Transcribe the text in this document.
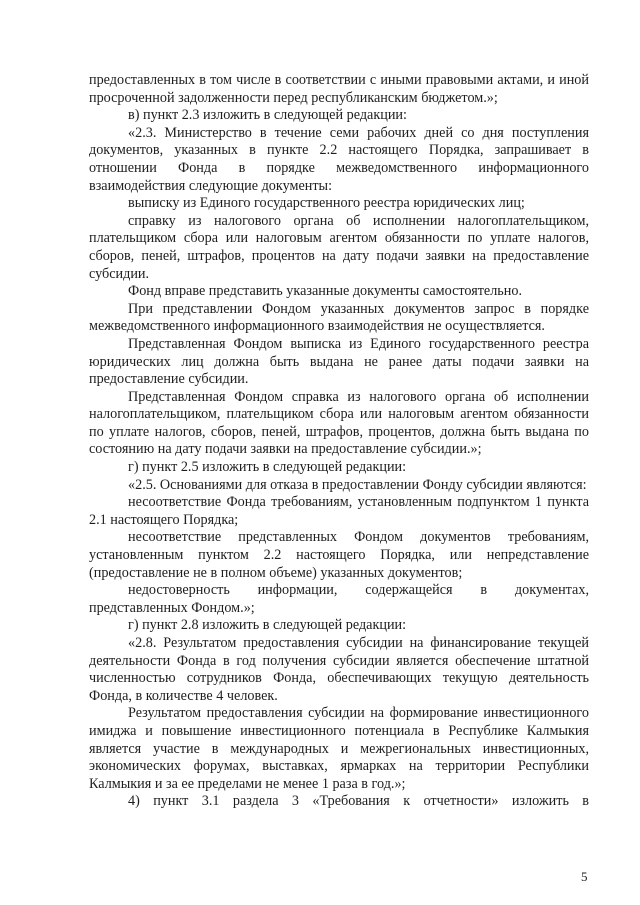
предоставленных в том числе в соответствии с иными правовыми актами, и иной просроченной задолженности перед республиканским бюджетом.»;

в) пункт 2.3 изложить в следующей редакции:

«2.3. Министерство в течение семи рабочих дней со дня поступления документов, указанных в пункте 2.2 настоящего Порядка, запрашивает в отношении Фонда в порядке межведомственного информационного взаимодействия следующие документы:

выписку из Единого государственного реестра юридических лиц;

справку из налогового органа об исполнении налогоплательщиком, плательщиком сбора или налоговым агентом обязанности по уплате налогов, сборов, пеней, штрафов, процентов на дату подачи заявки на предоставление субсидии.

Фонд вправе представить указанные документы самостоятельно.

При представлении Фондом указанных документов запрос в порядке межведомственного информационного взаимодействия не осуществляется.

Представленная Фондом выписка из Единого государственного реестра юридических лиц должна быть выдана не ранее даты подачи заявки на предоставление субсидии.

Представленная Фондом справка из налогового органа об исполнении налогоплательщиком, плательщиком сбора или налоговым агентом обязанности по уплате налогов, сборов, пеней, штрафов, процентов, должна быть выдана по состоянию на дату подачи заявки на предоставление субсидии.»;

г) пункт 2.5 изложить в следующей редакции:

«2.5. Основаниями для отказа в предоставлении Фонду субсидии являются:

несоответствие Фонда требованиям, установленным подпунктом 1 пункта 2.1 настоящего Порядка;

несоответствие представленных Фондом документов требованиям, установленным пунктом 2.2 настоящего Порядка, или непредставление (предоставление не в полном объеме) указанных документов;

недостоверность информации, содержащейся в документах, представленных Фондом.»;

г) пункт 2.8 изложить в следующей редакции:

«2.8. Результатом предоставления субсидии на финансирование текущей деятельности Фонда в год получения субсидии является обеспечение штатной численностью сотрудников Фонда, обеспечивающих текущую деятельность Фонда, в количестве 4 человек.

Результатом предоставления субсидии на формирование инвестиционного имиджа и повышение инвестиционного потенциала в Республике Калмыкия является участие в международных и межрегиональных инвестиционных, экономических форумах, выставках, ярмарках на территории Республики Калмыкия и за ее пределами не менее 1 раза в год.»;

4) пункт 3.1 раздела 3 «Требования к отчетности» изложить в

5
